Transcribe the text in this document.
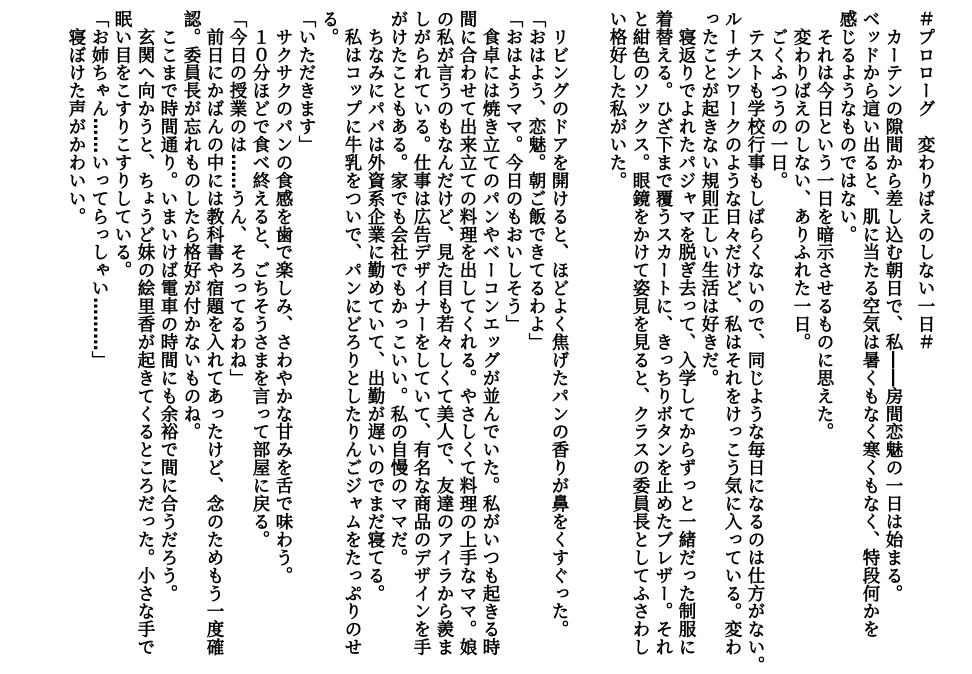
＃プロローグ　変わりばえのしない一日＃
　カーテンの隙間から差し込む朝日で、私――房間恋魅の一日は始まる。
ベッドから這い出ると、肌に当たる空気は暑くもなく寒くもなく、特段何かを
感じるようなものではない。
　それは今日という一日を暗示させるものに思えた。
　変わりばえのしない、ありふれた一日。
　ごくふつうの一日。
　テストも学校行事もしばらくないので、同じような毎日になるのは仕方がない。
ルーチンワークのような日々だけど、私はそれをけっこう気に入っている。変わ
ったことが起きない規則正しい生活は好きだ。
　寝返りでよれたパジャマを脱ぎ去って、入学してからずっと一緒だった制服に
着替える。ひざ下まで覆うスカートに、きっちりボタンを止めたブレザー。それ
と紺色のソックス。眼鏡をかけて姿見を見ると、クラスの委員長としてふさわし
い格好した私がいた。
　リビングのドアを開けると、ほどよく焦げたパンの香りが鼻をくすぐった。
「おはよう、恋魅。朝ご飯できてるわよ」
「おはようママ。今日のもおいしそう」
　食卓には焼き立てのパンやベーコンエッグが並んでいた。私がいつも起きる時
間に合わせて出来立ての料理を出してくれる。やさしくて料理の上手なママ。娘
の私が言うのもなんだけど、見た目も若々しくて美人で、友達のアイラから羨ま
しがられている。仕事は広告デザイナーをしていて、有名な商品のデザインを手
がけたこともある。家でも会社でもかっこいい。私の自慢のママだ。
　ちなみにパパは外資系企業に勤めていて、出勤が遅いのでまだ寝てる。
　私はコップに牛乳をついで、パンにどろりとしたりんごジャムをたっぷりのせ
る。
「いただきます」
　サクサクのパンの食感を歯で楽しみ、さわやかな甘みを舌で味わう。
　１０分ほどで食べ終えると、ごちそうさまを言って部屋に戻る。
「今日の授業のは……うん、そろってるわね」
　前日にかばんの中には教科書や宿題を入れてあったけど、念のためもう一度確
認。委員長が忘れものしたら格好が付かないものね。
　ここまで時間通り。いまいけば電車の時間にも余裕で間に合うだろう。
　玄関へ向かうと、ちょうど妹の絵里香が起きてくるところだった。小さな手で
眠い目をこすりこすりしている。
「お姉ちゃん……いってらっしゃい………」
　寝ぼけた声がかわいい。
